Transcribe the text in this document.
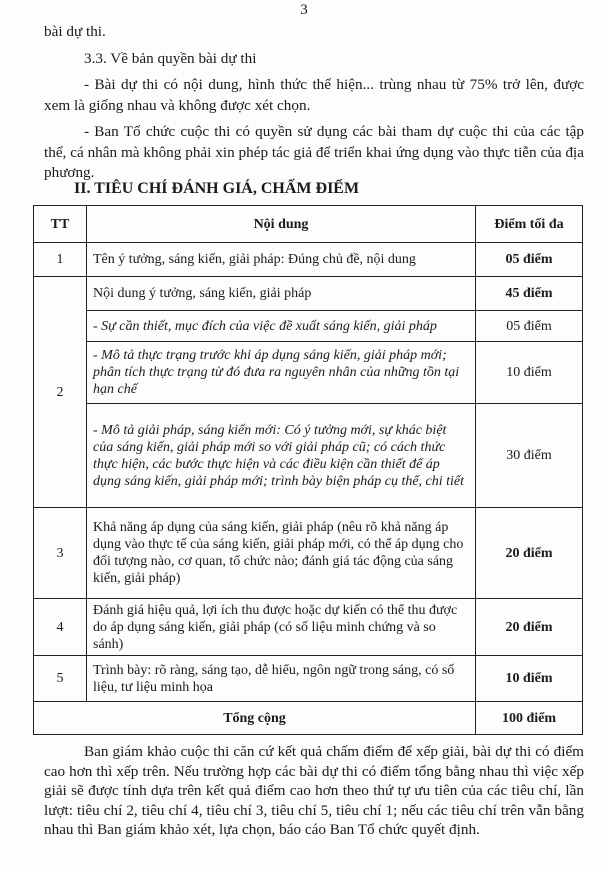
3
bài dự thi.
3.3. Về bản quyền bài dự thi
- Bài dự thi có nội dung, hình thức thể hiện... trùng nhau từ 75% trở lên, được xem là giống nhau và không được xét chọn.
- Ban Tổ chức cuộc thi có quyền sử dụng các bài tham dự cuộc thi của các tập thể, cá nhân mà không phải xin phép tác giả để triển khai ứng dụng vào thực tiễn của địa phương.
II. TIÊU CHÍ ĐÁNH GIÁ, CHẤM ĐIỂM
TT	Nội dung	Điểm tối đa
1	Tên ý tưởng, sáng kiến, giải pháp: Đúng chủ đề, nội dung	05 điểm
2	Nội dung ý tưởng, sáng kiến, giải pháp	45 điểm
	- Sự cần thiết, mục đích của việc đề xuất sáng kiến, giải pháp	05 điểm
	- Mô tả thực trạng trước khi áp dụng sáng kiến, giải pháp mới; phân tích thực trạng từ đó đưa ra nguyên nhân của những tồn tại hạn chế	10 điểm
	- Mô tả giải pháp, sáng kiến mới: Có ý tưởng mới, sự khác biệt của sáng kiến, giải pháp mới so với giải pháp cũ; có cách thức thực hiện, các bước thực hiện và các điều kiện cần thiết để áp dụng sáng kiến, giải pháp mới; trình bày biện pháp cụ thể, chi tiết	30 điểm
3	Khả năng áp dụng của sáng kiến, giải pháp (nêu rõ khả năng áp dụng vào thực tế của sáng kiến, giải pháp mới, có thể áp dụng cho đối tượng nào, cơ quan, tổ chức nào; đánh giá tác động của sáng kiến, giải pháp)	20 điểm
4	Đánh giá hiệu quả, lợi ích thu được hoặc dự kiến có thể thu được do áp dụng sáng kiến, giải pháp (có số liệu minh chứng và so sánh)	20 điểm
5	Trình bày: rõ ràng, sáng tạo, dễ hiểu, ngôn ngữ trong sáng, có số liệu, tư liệu minh họa	10 điểm
Tổng cộng		100 điểm
Ban giám khảo cuộc thi căn cứ kết quả chấm điểm để xếp giải, bài dự thi có điểm cao hơn thì xếp trên. Nếu trường hợp các bài dự thi có điểm tổng bằng nhau thì việc xếp giải sẽ được tính dựa trên kết quả điểm cao hơn theo thứ tự ưu tiên của các tiêu chí, lần lượt: tiêu chí 2, tiêu chí 4, tiêu chí 3, tiêu chí 5, tiêu chí 1; nếu các tiêu chí trên vẫn bằng nhau thì Ban giám khảo xét, lựa chọn, báo cáo Ban Tổ chức quyết định.
